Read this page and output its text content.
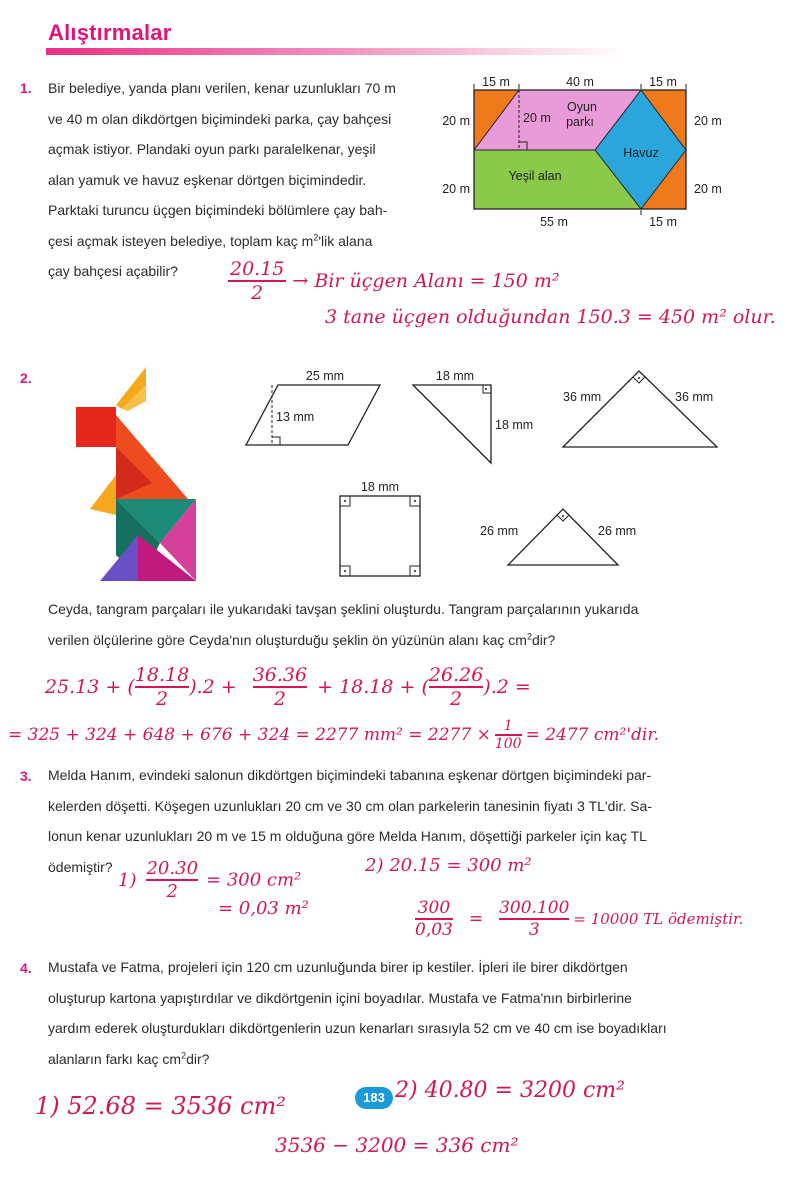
Alıştırmalar
1. Bir belediye, yanda planı verilen, kenar uzunlukları 70 m
ve 40 m olan dikdörtgen biçimindeki parka, çay bahçesi
açmak istiyor. Plandaki oyun parkı paralelkenar, yeşil
alan yamuk ve havuz eşkenar dörtgen biçimindedir.
Parktaki turuncu üçgen biçimindeki bölümlere çay bah-
çesi açmak isteyen belediye, toplam kaç $m^2'lik$ alana
çay bahçesi açabilir?
15 m	40 m	15 m
20 m
20 m
20 m
20 m
55 m	15 m
20 m
Oyun
parkı
Havuz
Yeşil alan
$\frac{20.15}{2}$ → Bir üçgen Alanı = 150 m²
3 tane üçgen olduğundan 150.3 = 450 m² olur.
2.	25 mm
13 mm
18 mm
18 mm
36 mm	36 mm
18 mm
26 mm	26 mm
Ceyda, tangram parçaları ile yukarıdaki tavşan şeklini oluşturdu. Tangram parçalarının yukarıda
verilen ölçülerine göre Ceyda'nın oluşturduğu şeklin ön yüzünün alanı kaç $cm^2dir$?
25.13 + ( $\frac{18.18}{2} ).2 + \frac{36.36}{2} + 18.18$ + ( $\frac{26.26}{2} ).2$ =
= 325 + 324 + 648 + 676 + 324 = 2277 $mm^2 = 2277 \times \frac{1}{100} = 2477$ cm²'dir.
3. Melda Hanım, evindeki salonun dikdörtgen biçimindeki tabanına eşkenar dörtgen biçimindeki par-
kelerden döşetti. Köşegen uzunlukları 20 cm ve 30 cm olan parkelerin tanesinin fiyatı 3 TL'dir. Sa-
lonun kenar uzunlukları 20 m ve 15 m olduğuna göre Melda Hanım, döşettiği parkeler için kaç TL
ödemiştir?
$1) \frac{20.30}{2} = 300$ cm²
= 0,03 m²
2) 20.15 = 300 m²
$\frac{300}{0,03} = \frac{300.100}{3} = 10000$ TL ödemiştir.
4. Mustafa ve Fatma, projeleri için 120 cm uzunluğunda birer ip kestiler. İpleri ile birer dikdörtgen
oluşturup kartona yapıştırdılar ve dikdörtgenin içini boyadılar. Mustafa ve Fatma'nın birbirlerine
yardım ederek oluşturdukları dikdörtgenlerin uzun kenarları sırasıyla 52 cm ve 40 cm ise boyadıkları
alanların farkı kaç $cm^2dir$?
1) 52.68 = 3536 cm²	183 2) 40.80 = 3200 cm²
3536 − 3200 = 336 cm²
